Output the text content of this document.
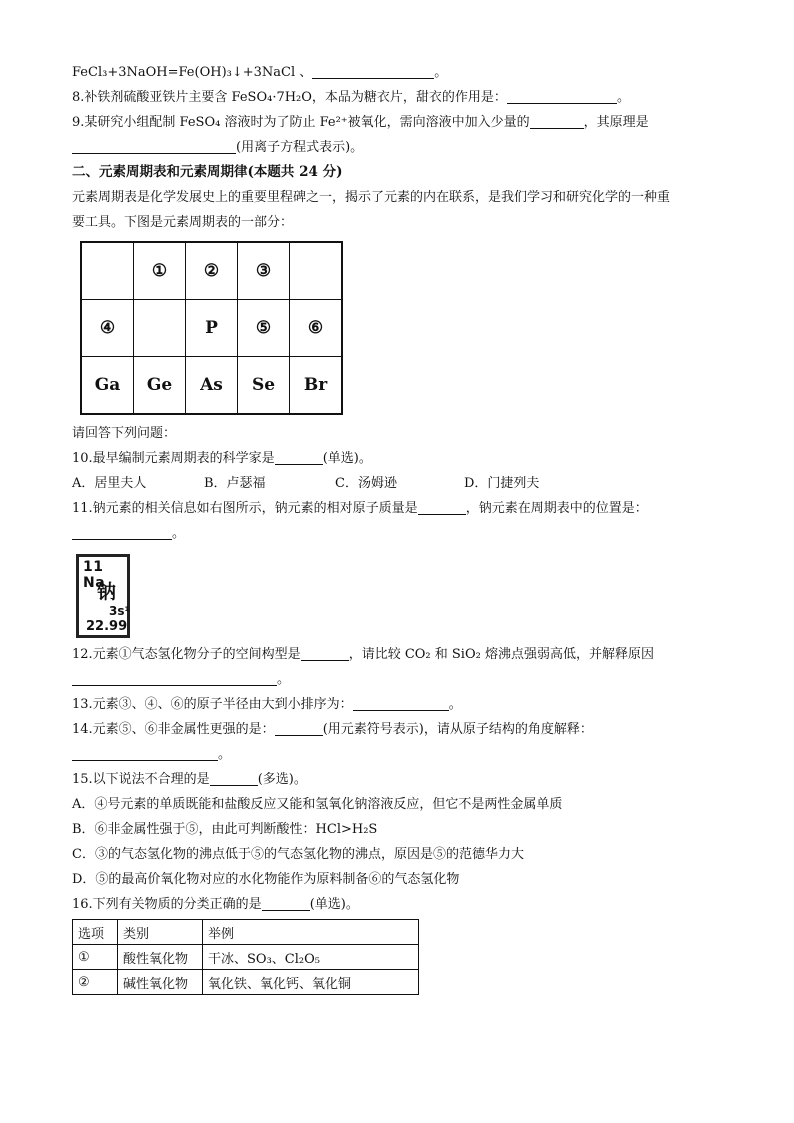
FeCl₃+3NaOH=Fe(OH)₃↓+3NaCl 、	。
8.补铁剂硫酸亚铁片主要含 FeSO₄·7H₂O，本品为糖衣片，甜衣的作用是：	。
9.某研究小组配制 FeSO₄ 溶液时为了防止 Fe²⁺被氧化，需向溶液中加入少量的	，其原理是
(用离子方程式表示)。
二、元素周期表和元素周期律(本题共 24 分)
元素周期表是化学发展史上的重要里程碑之一，揭示了元素的内在联系，是我们学习和研究化学的一种重
要工具。下图是元素周期表的一部分：
	①	②	③	
④		P	⑤	⑥
Ga	Ge	As	Se	Br
请回答下列问题：
10.最早编制元素周期表的科学家是	(单选)。
A．居里夫人	B．卢瑟福	C．汤姆逊	D．门捷列夫
11.钠元素的相关信息如右图所示，钠元素的相对原子质量是	，钠元素在周期表中的位置是：
。
11 Na
钠
3s¹
22.99
12.元素①气态氢化物分子的空间构型是	，请比较 CO₂ 和 SiO₂ 熔沸点强弱高低，并解释原因
。
13.元素③、④、⑥的原子半径由大到小排序为：	。
14.元素⑤、⑥非金属性更强的是：	(用元素符号表示)，请从原子结构的角度解释：
。
15.以下说法不合理的是	(多选)。
A．④号元素的单质既能和盐酸反应又能和氢氧化钠溶液反应，但它不是两性金属单质
B．⑥非金属性强于⑤，由此可判断酸性：HCl>H₂S
C．③的气态氢化物的沸点低于⑤的气态氢化物的沸点，原因是⑤的范德华力大
D．⑤的最高价氧化物对应的水化物能作为原料制备⑥的气态氢化物
16.下列有关物质的分类正确的是	(单选)。
选项	类别	举例
①	酸性氧化物	干冰、SO₃、Cl₂O₅
②	碱性氧化物	氧化铁、氧化钙、氧化铜
